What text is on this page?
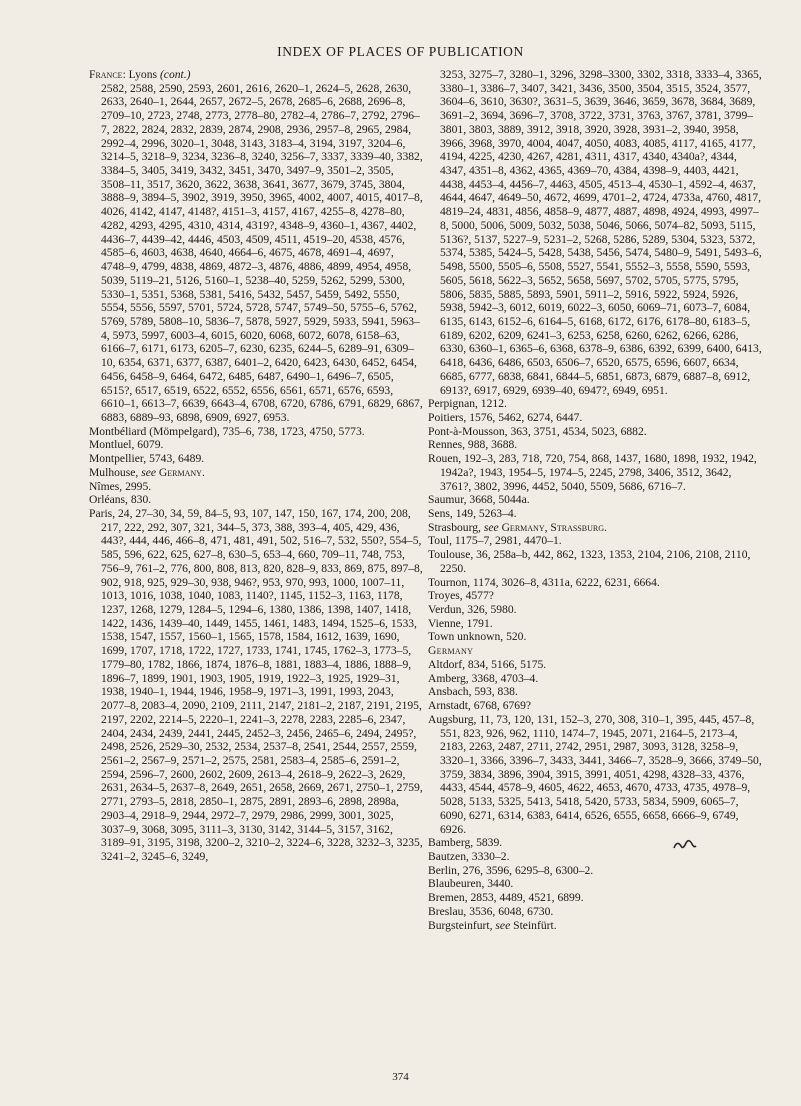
INDEX OF PLACES OF PUBLICATION

France: Lyons (cont.)

2582, 2588, 2590, 2593, 2601, 2616, 2620–1, 2624–5, 2628, 2630, 2633, 2640–1, 2644, 2657, 2672–5, 2678, 2685–6, 2688, 2696–8, 2709–10, 2723, 2748, 2773, 2778–80, 2782–4, 2786–7, 2792, 2796–7, 2822, 2824, 2832, 2839, 2874, 2908, 2936, 2957–8, 2965, 2984, 2992–4, 2996, 3020–1, 3048, 3143, 3183–4, 3194, 3197, 3204–6, 3214–5, 3218–9, 3234, 3236–8, 3240, 3256–7, 3337, 3339–40, 3382, 3384–5, 3405, 3419, 3432, 3451, 3470, 3497–9, 3501–2, 3505, 3508–11, 3517, 3620, 3622, 3638, 3641, 3677, 3679, 3745, 3804, 3888–9, 3894–5, 3902, 3919, 3950, 3965, 4002, 4007, 4015, 4017–8, 4026, 4142, 4147, 4148?, 4151–3, 4157, 4167, 4255–8, 4278–80, 4282, 4293, 4295, 4310, 4314, 4319?, 4348–9, 4360–1, 4367, 4402, 4436–7, 4439–42, 4446, 4503, 4509, 4511, 4519–20, 4538, 4576, 4585–6, 4603, 4638, 4640, 4664–6, 4675, 4678, 4691–4, 4697, 4748–9, 4799, 4838, 4869, 4872–3, 4876, 4886, 4899, 4954, 4958, 5039, 5119–21, 5126, 5160–1, 5238–40, 5259, 5262, 5299, 5300, 5330–1, 5351, 5368, 5381, 5416, 5432, 5457, 5459, 5492, 5550, 5554, 5556, 5597, 5701, 5724, 5728, 5747, 5749–50, 5755–6, 5762, 5769, 5789, 5808–10, 5836–7, 5878, 5927, 5929, 5933, 5941, 5963–4, 5973, 5997, 6003–4, 6015, 6020, 6068, 6072, 6078, 6158–63, 6166–7, 6171, 6173, 6205–7, 6230, 6235, 6244–5, 6289–91, 6309–10, 6354, 6371, 6377, 6387, 6401–2, 6420, 6423, 6430, 6452, 6454, 6456, 6458–9, 6464, 6472, 6485, 6487, 6490–1, 6496–7, 6505, 6515?, 6517, 6519, 6522, 6552, 6556, 6561, 6571, 6576, 6593, 6610–1, 6613–7, 6639, 6643–4, 6708, 6720, 6786, 6791, 6829, 6867, 6883, 6889–93, 6898, 6909, 6927, 6953.

Montbéliard (Mömpelgard), 735–6, 738, 1723, 4750, 5773.

Montluel, 6079.

Montpellier, 5743, 6489.

Mulhouse, see Germany.

Nîmes, 2995.

Orléans, 830.

Paris, 24, 27–30, 34, 59, 84–5, 93, 107, 147, 150, 167, 174, 200, 208, 217, 222, 292, 307, 321, 344–5, 373, 388, 393–4, 405, 429, 436, 443?, 444, 446, 466–8, 471, 481, 491, 502, 516–7, 532, 550?, 554–5, 585, 596, 622, 625, 627–8, 630–5, 653–4, 660, 709–11, 748, 753, 756–9, 761–2, 776, 800, 808, 813, 820, 828–9, 833, 869, 875, 897–8, 902, 918, 925, 929–30, 938, 946?, 953, 970, 993, 1000, 1007–11, 1013, 1016, 1038, 1040, 1083, 1140?, 1145, 1152–3, 1163, 1178, 1237, 1268, 1279, 1284–5, 1294–6, 1380, 1386, 1398, 1407, 1418, 1422, 1436, 1439–40, 1449, 1455, 1461, 1483, 1494, 1525–6, 1533, 1538, 1547, 1557, 1560–1, 1565, 1578, 1584, 1612, 1639, 1690, 1699, 1707, 1718, 1722, 1727, 1733, 1741, 1745, 1762–3, 1773–5, 1779–80, 1782, 1866, 1874, 1876–8, 1881, 1883–4, 1886, 1888–9, 1896–7, 1899, 1901, 1903, 1905, 1919, 1922–3, 1925, 1929–31, 1938, 1940–1, 1944, 1946, 1958–9, 1971–3, 1991, 1993, 2043, 2077–8, 2083–4, 2090, 2109, 2111, 2147, 2181–2, 2187, 2191, 2195, 2197, 2202, 2214–5, 2220–1, 2241–3, 2278, 2283, 2285–6, 2347, 2404, 2434, 2439, 2441, 2445, 2452–3, 2456, 2465–6, 2494, 2495?, 2498, 2526, 2529–30, 2532, 2534, 2537–8, 2541, 2544, 2557, 2559, 2561–2, 2567–9, 2571–2, 2575, 2581, 2583–4, 2585–6, 2591–2, 2594, 2596–7, 2600, 2602, 2609, 2613–4, 2618–9, 2622–3, 2629, 2631, 2634–5, 2637–8, 2649, 2651, 2658, 2669, 2671, 2750–1, 2759, 2771, 2793–5, 2818, 2850–1, 2875, 2891, 2893–6, 2898, 2898a, 2903–4, 2918–9, 2944, 2972–7, 2979, 2986, 2999, 3001, 3025, 3037–9, 3068, 3095, 3111–3, 3130, 3142, 3144–5, 3157, 3162, 3189–91, 3195, 3198, 3200–2, 3210–2, 3224–6, 3228, 3232–3, 3235, 3241–2, 3245–6, 3249,

3253, 3275–7, 3280–1, 3296, 3298–3300, 3302, 3318, 3333–4, 3365, 3380–1, 3386–7, 3407, 3421, 3436, 3500, 3504, 3515, 3524, 3577, 3604–6, 3610, 3630?, 3631–5, 3639, 3646, 3659, 3678, 3684, 3689, 3691–2, 3694, 3696–7, 3708, 3722, 3731, 3763, 3767, 3781, 3799–3801, 3803, 3889, 3912, 3918, 3920, 3928, 3931–2, 3940, 3958, 3966, 3968, 3970, 4004, 4047, 4050, 4083, 4085, 4117, 4165, 4177, 4194, 4225, 4230, 4267, 4281, 4311, 4317, 4340, 4340a?, 4344, 4347, 4351–8, 4362, 4365, 4369–70, 4384, 4398–9, 4403, 4421, 4438, 4453–4, 4456–7, 4463, 4505, 4513–4, 4530–1, 4592–4, 4637, 4644, 4647, 4649–50, 4672, 4699, 4701–2, 4724, 4733a, 4760, 4817, 4819–24, 4831, 4856, 4858–9, 4877, 4887, 4898, 4924, 4993, 4997–8, 5000, 5006, 5009, 5032, 5038, 5046, 5066, 5074–82, 5093, 5115, 5136?, 5137, 5227–9, 5231–2, 5268, 5286, 5289, 5304, 5323, 5372, 5374, 5385, 5424–5, 5428, 5438, 5456, 5474, 5480–9, 5491, 5493–6, 5498, 5500, 5505–6, 5508, 5527, 5541, 5552–3, 5558, 5590, 5593, 5605, 5618, 5622–3, 5652, 5658, 5697, 5702, 5705, 5775, 5795, 5806, 5835, 5885, 5893, 5901, 5911–2, 5916, 5922, 5924, 5926, 5938, 5942–3, 6012, 6019, 6022–3, 6050, 6069–71, 6073–7, 6084, 6135, 6143, 6152–6, 6164–5, 6168, 6172, 6176, 6178–80, 6183–5, 6189, 6202, 6209, 6241–3, 6253, 6258, 6260, 6262, 6266, 6286, 6330, 6360–1, 6365–6, 6368, 6378–9, 6386, 6392, 6399, 6400, 6413, 6418, 6436, 6486, 6503, 6506–7, 6520, 6575, 6596, 6607, 6634, 6685, 6777, 6838, 6841, 6844–5, 6851, 6873, 6879, 6887–8, 6912, 6913?, 6917, 6929, 6939–40, 6947?, 6949, 6951.

Perpignan, 1212.

Poitiers, 1576, 5462, 6274, 6447.

Pont-à-Mousson, 363, 3751, 4534, 5023, 6882.

Rennes, 988, 3688.

Rouen, 192–3, 283, 718, 720, 754, 868, 1437, 1680, 1898, 1932, 1942, 1942a?, 1943, 1954–5, 1974–5, 2245, 2798, 3406, 3512, 3642, 3761?, 3802, 3996, 4452, 5040, 5509, 5686, 6716–7.

Saumur, 3668, 5044a.

Sens, 149, 5263–4.

Strasbourg, see Germany, Strassburg.

Toul, 1175–7, 2981, 4470–1.

Toulouse, 36, 258a–b, 442, 862, 1323, 1353, 2104, 2106, 2108, 2110, 2250.

Tournon, 1174, 3026–8, 4311a, 6222, 6231, 6664.

Troyes, 4577?

Verdun, 326, 5980.

Vienne, 1791.

Town unknown, 520.

Germany

Altdorf, 834, 5166, 5175.

Amberg, 3368, 4703–4.

Ansbach, 593, 838.

Arnstadt, 6768, 6769?

Augsburg, 11, 73, 120, 131, 152–3, 270, 308, 310–1, 395, 445, 457–8, 551, 823, 926, 962, 1110, 1474–7, 1945, 2071, 2164–5, 2173–4, 2183, 2263, 2487, 2711, 2742, 2951, 2987, 3093, 3128, 3258–9, 3320–1, 3366, 3396–7, 3433, 3441, 3466–7, 3528–9, 3666, 3749–50, 3759, 3834, 3896, 3904, 3915, 3991, 4051, 4298, 4328–33, 4376, 4433, 4544, 4578–9, 4605, 4622, 4653, 4670, 4733, 4735, 4978–9, 5028, 5133, 5325, 5413, 5418, 5420, 5733, 5834, 5909, 6065–7, 6090, 6271, 6314, 6383, 6414, 6526, 6555, 6658, 6666–9, 6749, 6926.

Bamberg, 5839.

Bautzen, 3330–2.

Berlin, 276, 3596, 6295–8, 6300–2.

Blaubeuren, 3440.

Bremen, 2853, 4489, 4521, 6899.

Breslau, 3536, 6048, 6730.

Burgsteinfurt, see Steinfürt.

374
